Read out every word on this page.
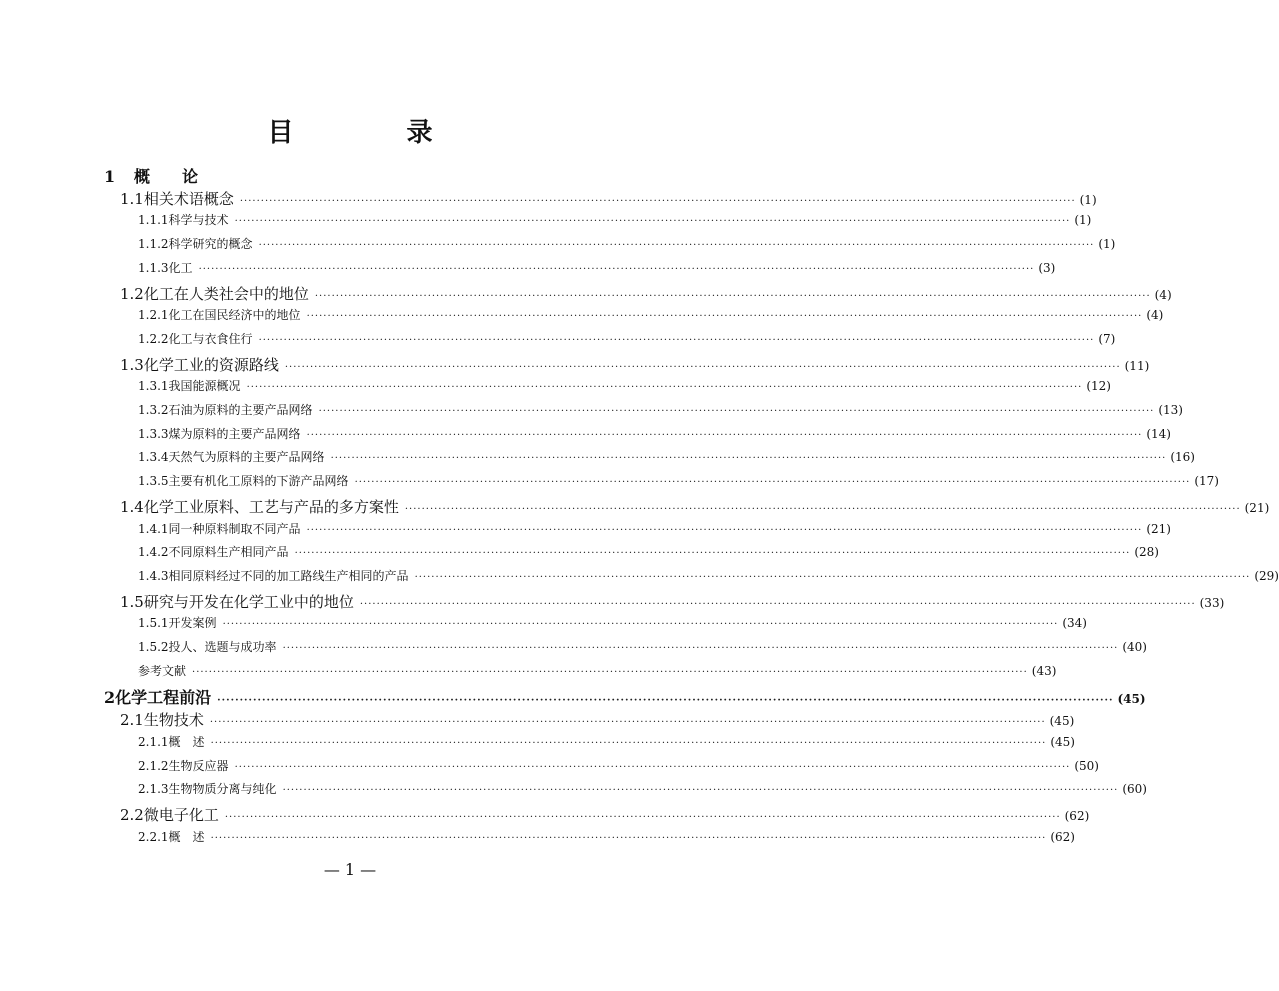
目 录
1	概　　论
1.1 相关术语概念 ········································································································································································································ (1)
1.1.1 科学与技术 ········································································································································································································ (1)
1.1.2 科学研究的概念 ········································································································································································································ (1)
1.1.3 化工 ········································································································································································································ (3)
1.2 化工在人类社会中的地位 ········································································································································································································ (4)
1.2.1 化工在国民经济中的地位 ········································································································································································································ (4)
1.2.2 化工与衣食住行 ········································································································································································································ (7)
1.3 化学工业的资源路线 ········································································································································································································ (11)
1.3.1 我国能源概况 ········································································································································································································ (12)
1.3.2 石油为原料的主要产品网络 ········································································································································································································ (13)
1.3.3 煤为原料的主要产品网络 ········································································································································································································ (14)
1.3.4 天然气为原料的主要产品网络 ········································································································································································································ (16)
1.3.5 主要有机化工原料的下游产品网络 ········································································································································································································ (17)
1.4 化学工业原料、工艺与产品的多方案性 ········································································································································································································ (21)
1.4.1 同一种原料制取不同产品 ········································································································································································································ (21)
1.4.2 不同原料生产相同产品 ········································································································································································································ (28)
1.4.3 相同原料经过不同的加工路线生产相同的产品 ········································································································································································································ (29)
1.5 研究与开发在化学工业中的地位 ········································································································································································································ (33)
1.5.1 开发案例 ········································································································································································································ (34)
1.5.2 投人、选题与成功率 ········································································································································································································ (40)
参考文献 ········································································································································································································ (43)
2 化学工程前沿 ········································································································································································································ (45)
2.1 生物技术 ········································································································································································································ (45)
2.1.1 概　述 ········································································································································································································ (45)
2.1.2 生物反应器 ········································································································································································································ (50)
2.1.3 生物物质分离与纯化 ········································································································································································································ (60)
2.2 微电子化工 ········································································································································································································ (62)
2.2.1 概　述 ········································································································································································································ (62)
— 1 —
